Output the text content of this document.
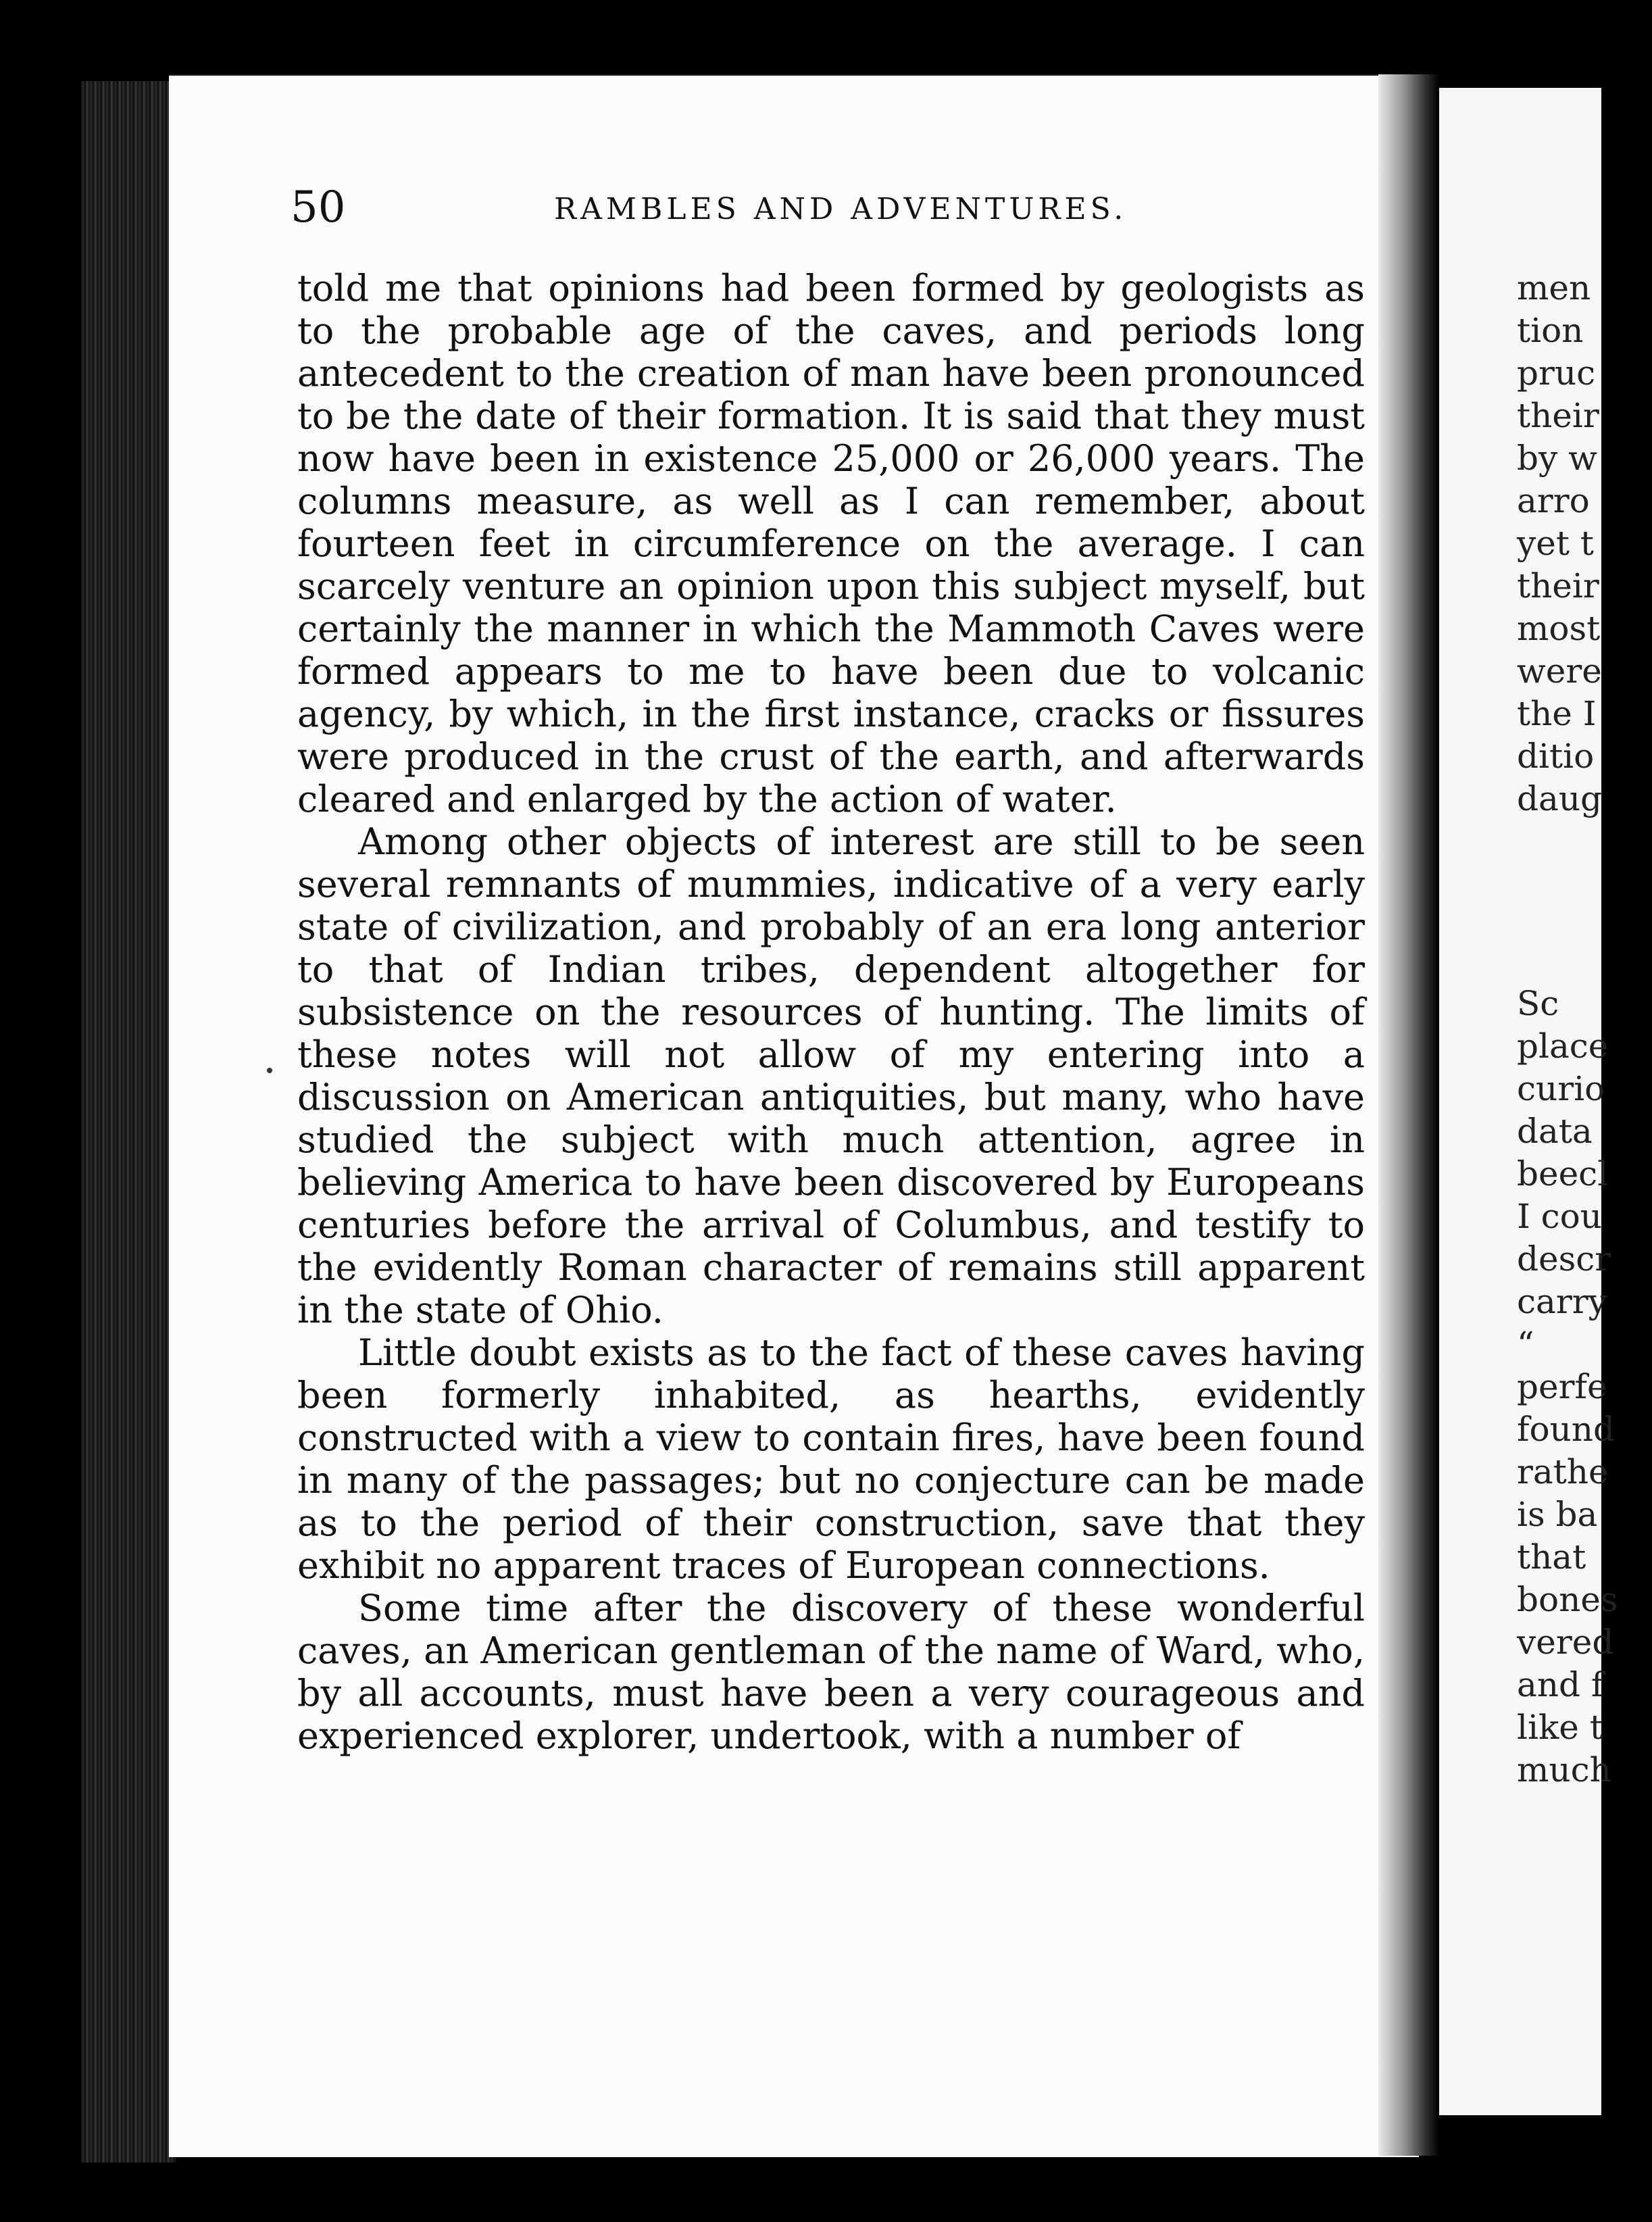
50	RAMBLES AND ADVENTURES.

told me that opinions had been formed by geologists as to the probable age of the caves, and periods long antecedent to the creation of man have been pronounced to be the date of their formation. It is said that they must now have been in existence 25,000 or 26,000 years. The columns measure, as well as I can remember, about fourteen feet in circumference on the average. I can scarcely venture an opinion upon this subject myself, but certainly the manner in which the Mammoth Caves were formed appears to me to have been due to volcanic agency, by which, in the first instance, cracks or fissures were produced in the crust of the earth, and afterwards cleared and enlarged by the action of water.

Among other objects of interest are still to be seen several remnants of mummies, indicative of a very early state of civilization, and probably of an era long anterior to that of Indian tribes, dependent altogether for subsistence on the resources of hunting. The limits of these notes will not allow of my entering into a discussion on American antiquities, but many, who have studied the subject with much attention, agree in believing America to have been discovered by Europeans centuries before the arrival of Columbus, and testify to the evidently Roman character of remains still apparent in the state of Ohio.

Little doubt exists as to the fact of these caves having been formerly inhabited, as hearths, evidently constructed with a view to contain fires, have been found in many of the passages; but no conjecture can be made as to the period of their construction, save that they exhibit no apparent traces of European connections.

Some time after the discovery of these wonderful caves, an American gentleman of the name of Ward, who, by all accounts, must have been a very courageous and experienced explorer, undertook, with a number of

men
tion
pruc
their
by w
arro
yet t
their
most
were
the I
ditio
daug
Sc
place
curio
data
beecl
I cou
descr
carry
“
perfe
found
rathe
is ba
that
bones
vered
and f
like t
much
